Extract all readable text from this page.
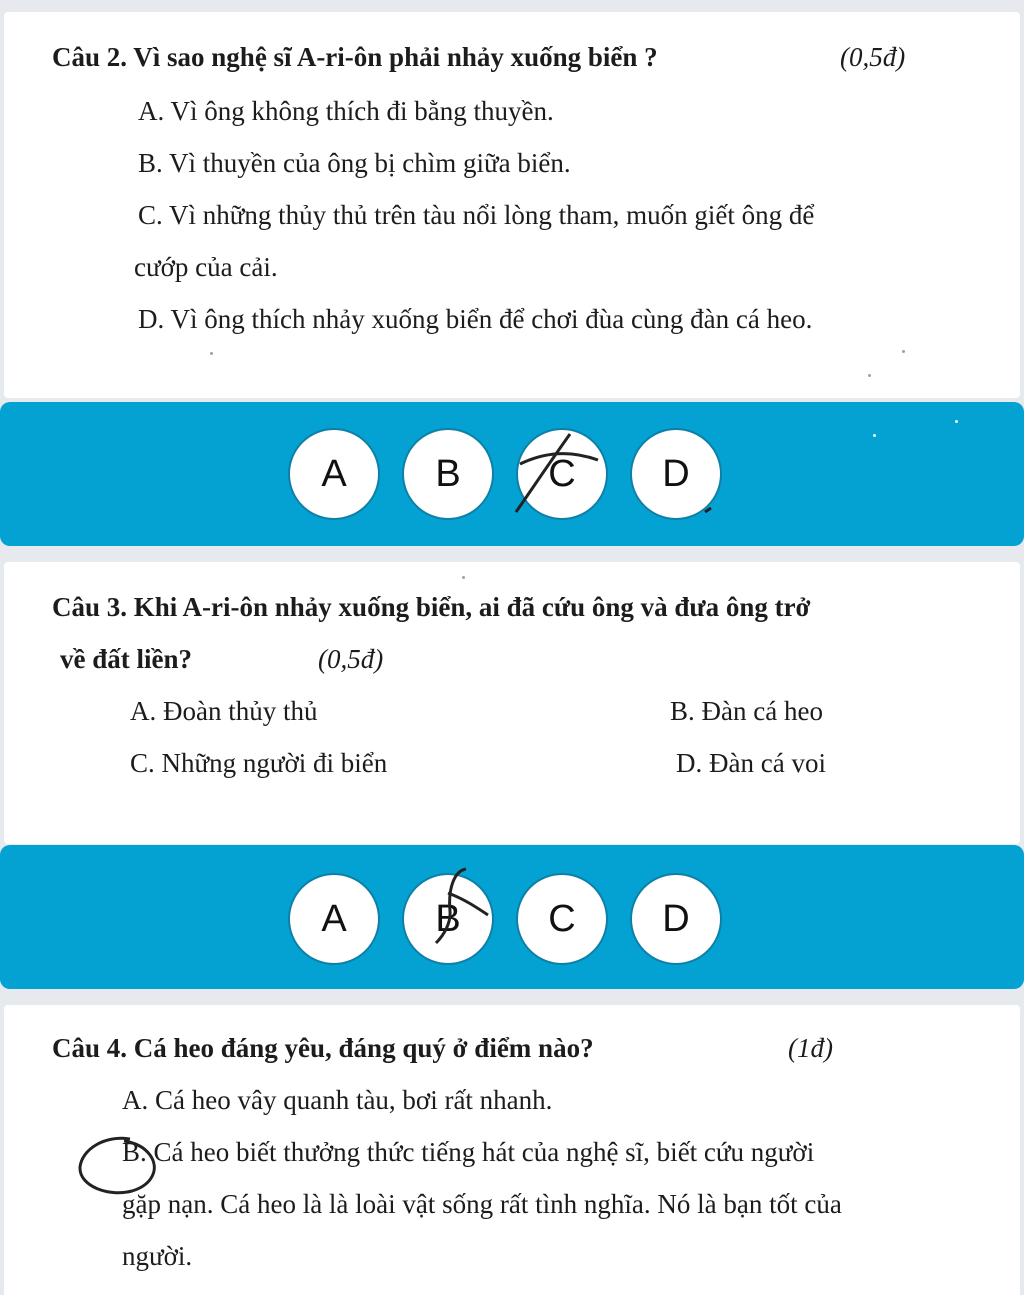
Câu 2. Vì sao nghệ sĩ A-ri-ôn phải nhảy xuống biển ?	(0,5đ)
A. Vì ông không thích đi bằng thuyền.
B. Vì thuyền của ông bị chìm giữa biển.
C. Vì những thủy thủ trên tàu nổi lòng tham, muốn giết ông để
cướp của cải.
D. Vì ông thích nhảy xuống biển để chơi đùa cùng đàn cá heo.
A	B	C	D
Câu 3. Khi A-ri-ôn nhảy xuống biển, ai đã cứu ông và đưa ông trở
về đất liền?	(0,5đ)
A. Đoàn thủy thủ	B. Đàn cá heo
C. Những người đi biển	D. Đàn cá voi
A	B	C	D
Câu 4. Cá heo đáng yêu, đáng quý ở điểm nào?	(1đ)
A. Cá heo vây quanh tàu, bơi rất nhanh.
B. Cá heo biết thưởng thức tiếng hát của nghệ sĩ, biết cứu người
gặp nạn. Cá heo là là loài vật sống rất tình nghĩa. Nó là bạn tốt của
người.
